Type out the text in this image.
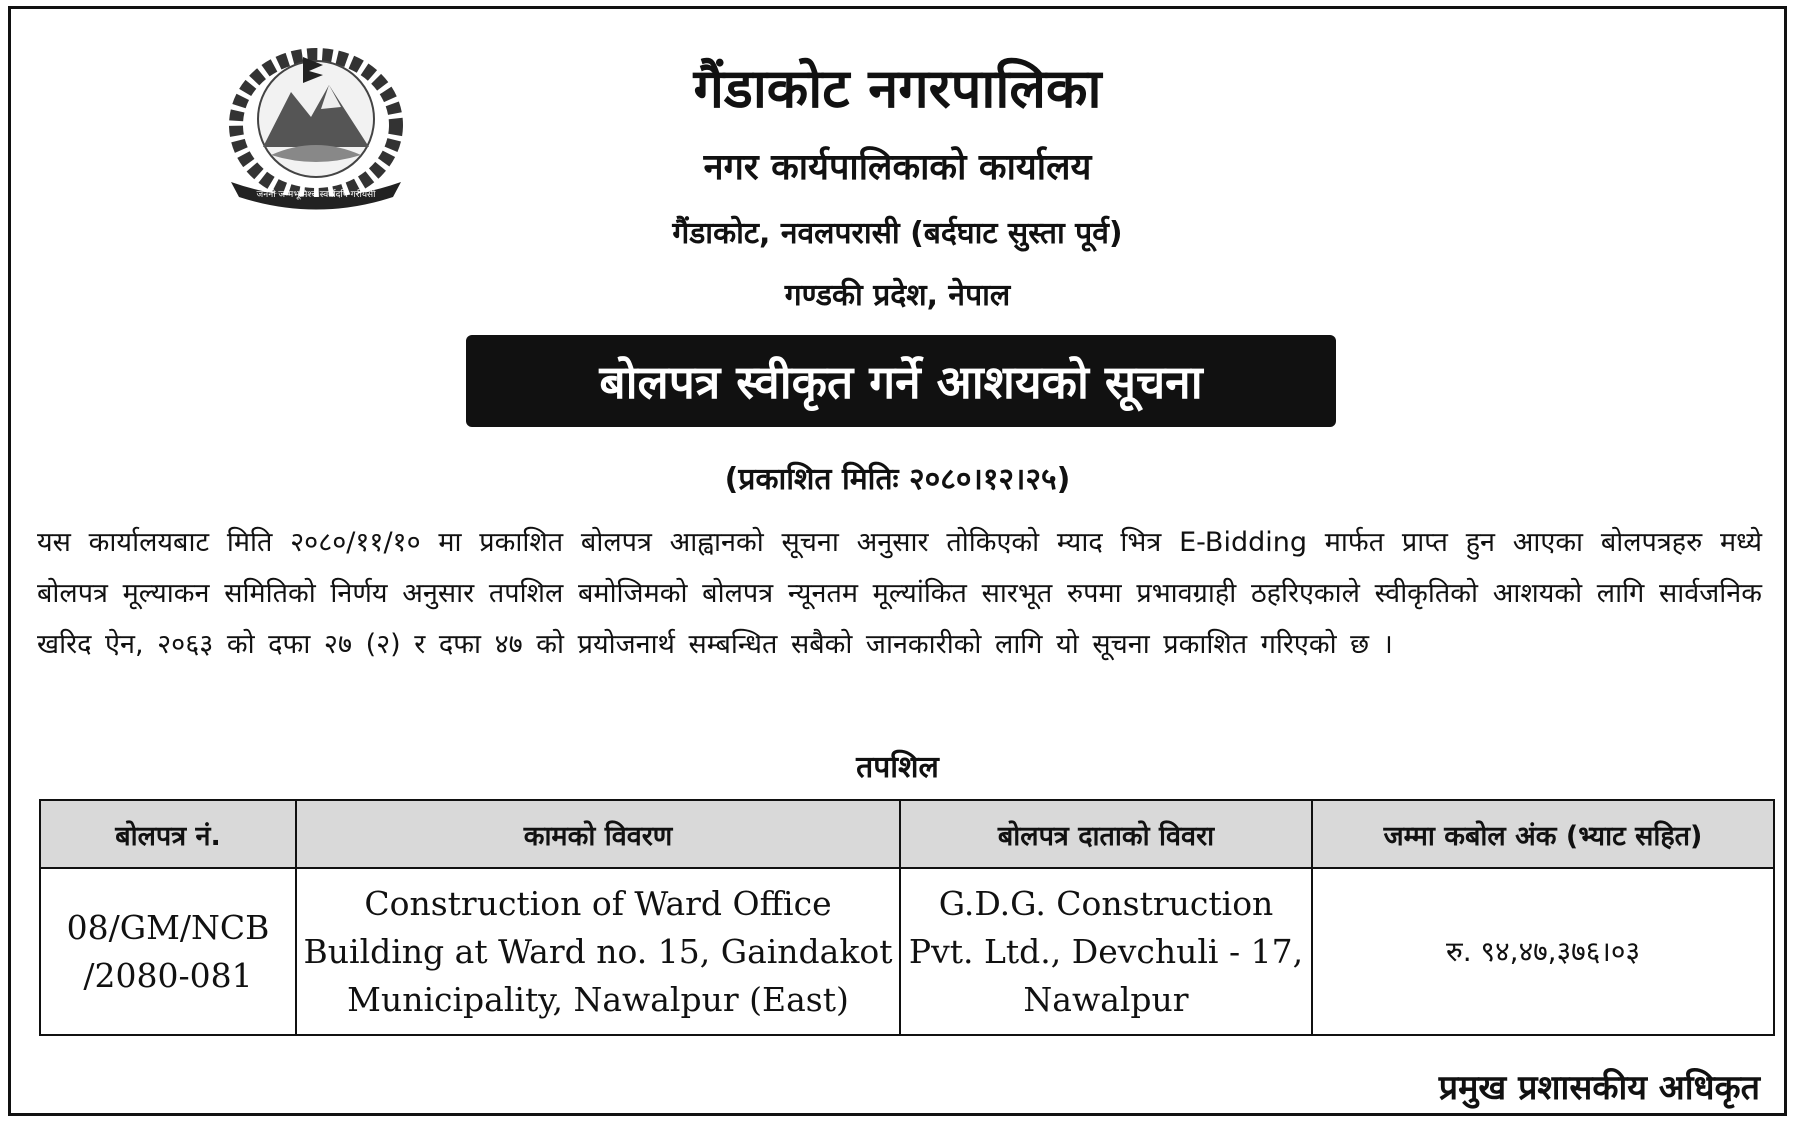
जननी जन्मभूमिश्च स्वर्गादपि गरीयसी
गैंडाकोट नगरपालिका
नगर कार्यपालिकाको कार्यालय
गैंडाकोट, नवलपरासी (बर्दघाट सुस्ता पूर्व)
गण्डकी प्रदेश, नेपाल
बोलपत्र स्वीकृत गर्ने आशयको सूचना
(प्रकाशित मितिः २०८०।१२।२५)

यस कार्यालयबाट मिति २०८०/११/१० मा प्रकाशित बोलपत्र आह्वानको सूचना अनुसार तोकिएको म्याद भित्र E-Bidding मार्फत प्राप्त हुन आएका बोलपत्रहरु मध्ये बोलपत्र मूल्याकन समितिको निर्णय अनुसार तपशिल बमोजिमको बोलपत्र न्यूनतम मूल्यांकित सारभूत रुपमा प्रभावग्राही ठहरिएकाले स्वीकृतिको आशयको लागि सार्वजनिक खरिद ऐन, २०६३ को दफा २७ (२) र दफा ४७ को प्रयोजनार्थ सम्बन्धित सबैको जानकारीको लागि यो सूचना प्रकाशित गरिएको छ ।

तपशिल
बोलपत्र नं.	कामको विवरण	बोलपत्र दाताको विवरा	जम्मा कबोल अंक (भ्याट सहित)
08/GM/NCB /2080-081	Construction of Ward Office Building at Ward no. 15, Gaindakot Municipality, Nawalpur (East)	G.D.G. Construction Pvt. Ltd., Devchuli - 17, Nawalpur	रु. ९४,४७,३७६।०३
प्रमुख प्रशासकीय अधिकृत
